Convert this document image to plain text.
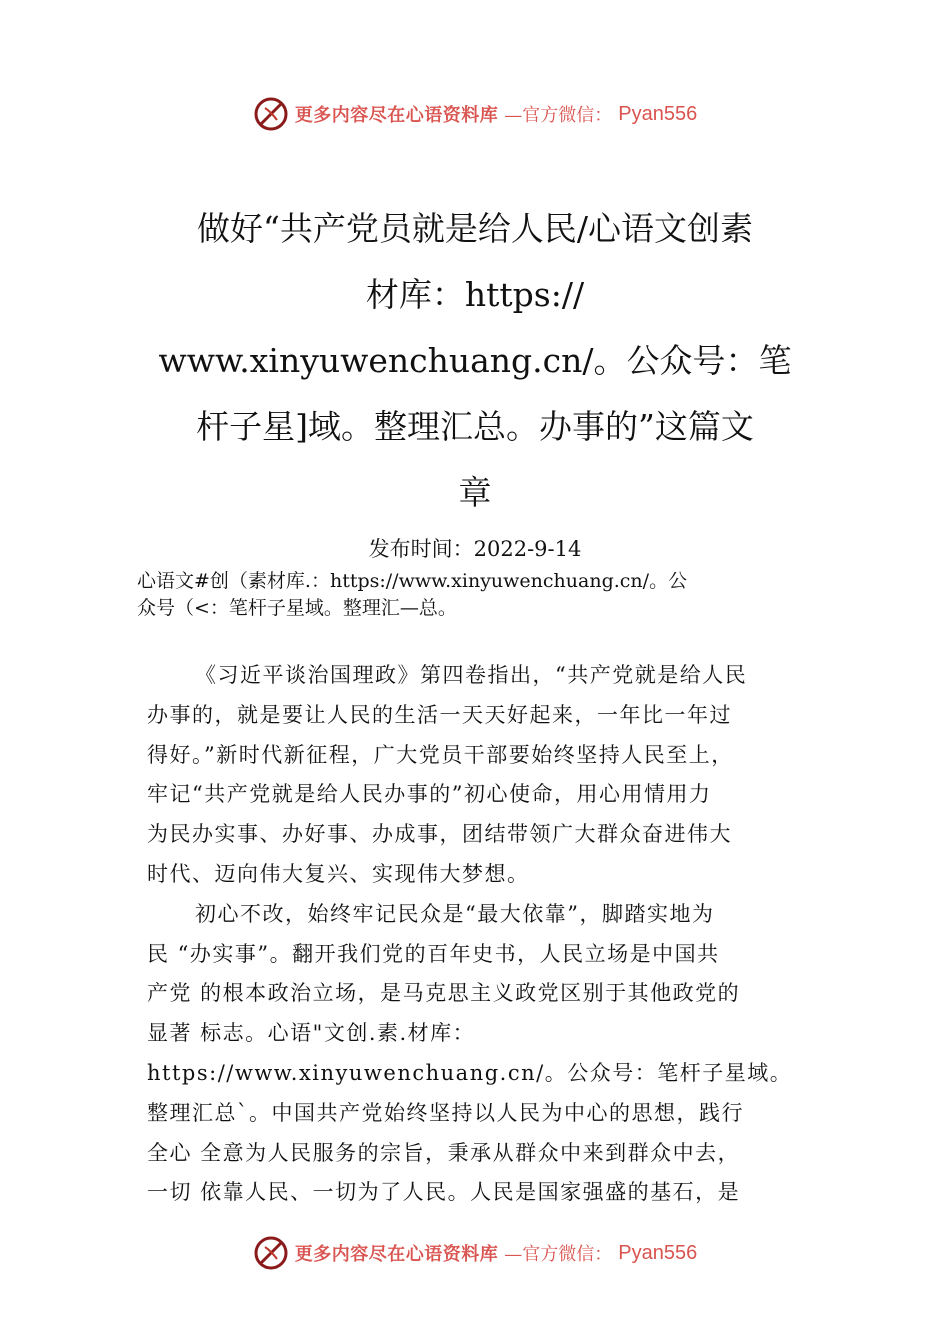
更多内容尽在心语资料库 —官方微信： Pyan556
做好“共产党员就是给人民/心语文创素
材库：https://
www.xinyuwenchuang.cn/。公众号：笔
杆子星]域。整理汇总。办事的”这篇文
章
发布时间：2022-9-14
心语文#创（素材库.：https://www.xinyuwenchuang.cn/。公
众号（<：笔杆子星域。整理汇—总。
《习近平谈治国理政》第四卷指出，“共产党就是给人民
办事的，就是要让人民的生活一天天好起来，一年比一年过
得好。”新时代新征程，广大党员干部要始终坚持人民至上，
牢记“共产党就是给人民办事的”初心使命，用心用情用力
为民办实事、办好事、办成事，团结带领广大群众奋进伟大
时代、迈向伟大复兴、实现伟大梦想。
初心不改，始终牢记民众是“最大依靠”，脚踏实地为
民 “办实事”。翻开我们党的百年史书，人民立场是中国共
产党 的根本政治立场，是马克思主义政党区别于其他政党的
显著 标志。心语"文创.素.材库：
https://www.xinyuwenchuang.cn/。公众号：笔杆子星域。
整理汇总`。中国共产党始终坚持以人民为中心的思想，践行
全心 全意为人民服务的宗旨，秉承从群众中来到群众中去，
一切 依靠人民、一切为了人民。人民是国家强盛的基石，是
更多内容尽在心语资料库 —官方微信： Pyan556
